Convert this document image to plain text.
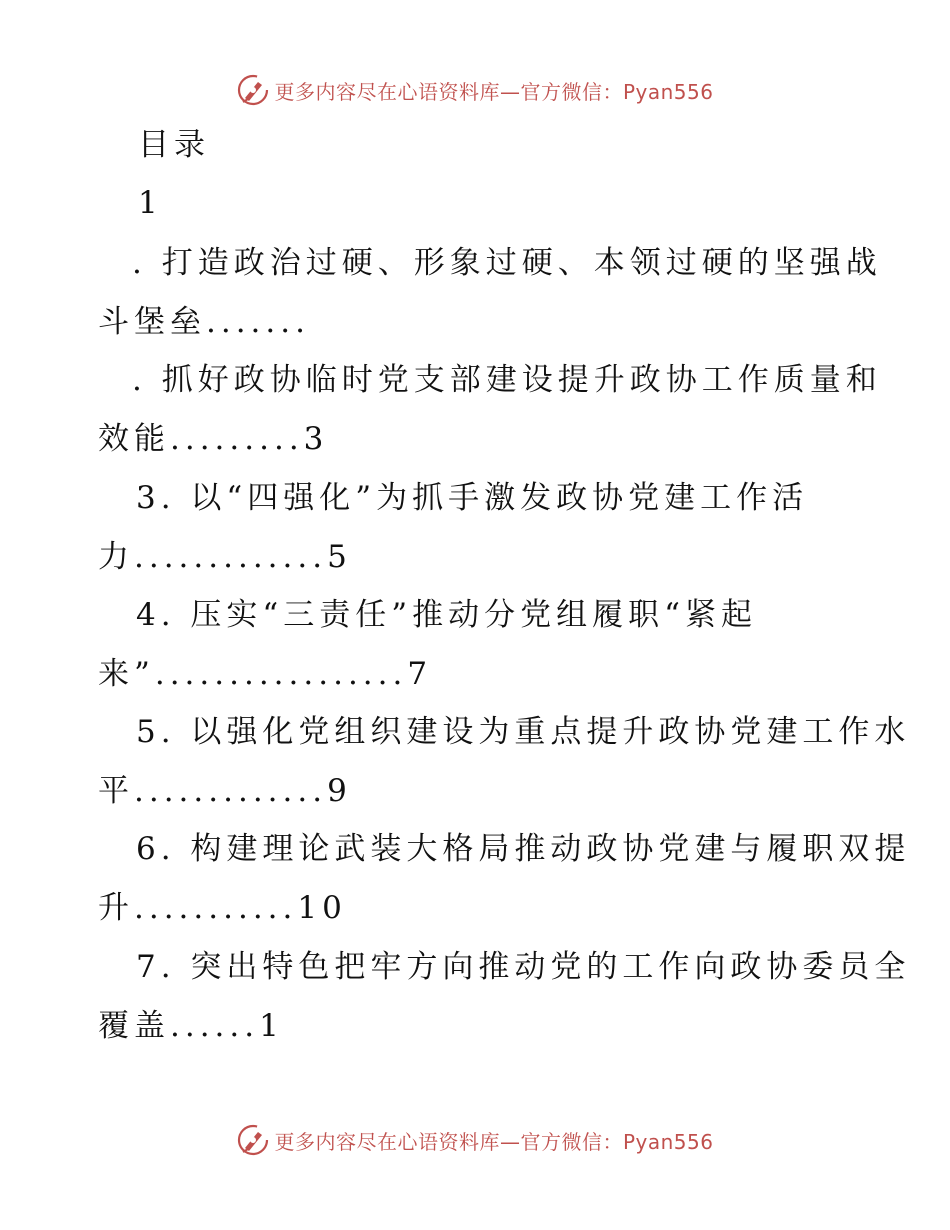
更多内容尽在心语资料库—官方微信：Pyan556
目录
1
. 打造政治过硬、形象过硬、本领过硬的坚强战
斗堡垒.......
. 抓好政协临时党支部建设提升政协工作质量和
效能.........3
3. 以“四强化”为抓手激发政协党建工作活
力.............5
4. 压实“三责任”推动分党组履职“紧起
来”.................7
5. 以强化党组织建设为重点提升政协党建工作水
平.............9
6. 构建理论武装大格局推动政协党建与履职双提
升...........10
7. 突出特色把牢方向推动党的工作向政协委员全
覆盖......1
更多内容尽在心语资料库—官方微信：Pyan556
